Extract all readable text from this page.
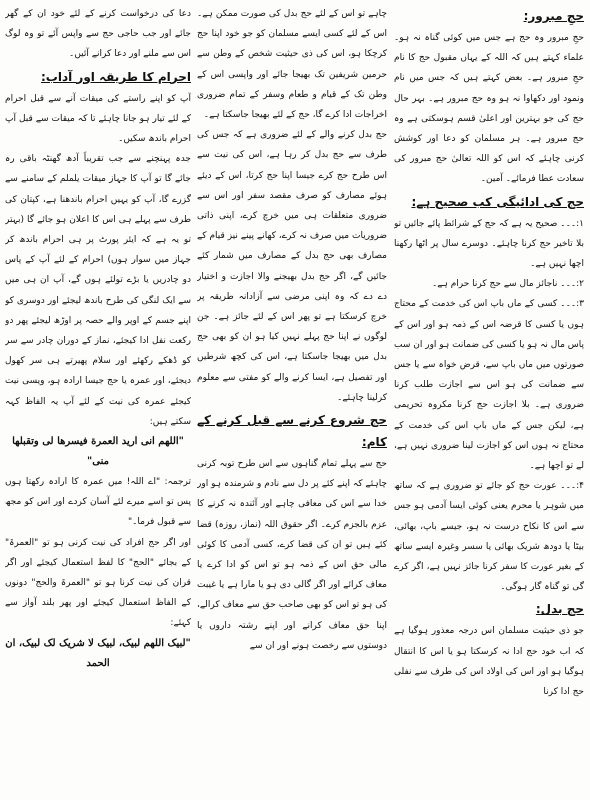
حجِ مبرور:
حجِ مبرور وہ حج ہے جس میں کوئی گناہ نہ ہو۔ علماء کہتے ہیں کہ اللہ کے یہاں مقبول حج کا نام حجِ مبرور ہے۔ بعض کہتے ہیں کہ جس میں نام ونمود اور دکھاوا نہ ہو وہ حج مبرور ہے۔ بہر حال حج کی جو بہترین اور اعلیٰ قسم ہوسکتی ہے وہ حج مبرور ہے۔ ہر مسلمان کو دعا اور کوشش کرنی چاہئے کہ اس کو اللہ تعالیٰ حج مبرور کی سعادت عطا فرمائے۔ آمین۔
حج کی ادائیگی کب صحیح ہے:
۱:۔۔۔ صحیح یہ ہے کہ حج کے شرائط پائے جائیں تو بلا تاخیر حج کرنا چاہئے۔ دوسرے سال پر اٹھا رکھنا اچھا نہیں ہے۔
۲:۔۔۔ ناجائز مال سے حج کرنا حرام ہے۔
۳:۔۔۔ کسی کے ماں باپ اس کی خدمت کے محتاج ہوں یا کسی کا قرضہ اس کے ذمہ ہو اور اس کے پاس مال نہ ہو یا کسی کی ضمانت ہو اور ان سب صورتوں میں ماں باپ سے، قرض خواہ سے یا جس سے ضمانت کی ہو اس سے اجازت طلب کرنا ضروری ہے۔ بلا اجازت حج کرنا مکروہ تحریمی ہے، لیکن جس کے ماں باپ اس کی خدمت کے محتاج نہ ہوں اس کو اجازت لینا ضروری نہیں ہے، لے تو اچھا ہے۔
۴:۔۔۔ عورت حج کو جائے تو ضروری ہے کہ ساتھ میں شوہر یا محرم یعنی کوئی ایسا آدمی ہو جس سے اس کا نکاح درست نہ ہو، جیسے باپ، بھائی، بیٹا یا دودھ شریک بھائی یا سسر وغیرہ ایسے ساتھ کے بغیر عورت کا سفر کرنا جائز نہیں ہے، اگر کرے گی تو گناہ گار ہوگی۔
حج بدل:
جو ذی حیثیت مسلمان اس درجہ معذور ہوگیا ہے کہ اب خود حج ادا نہ کرسکتا ہو یا اس کا انتقال ہوگیا ہو اور اس کی اولاد اس کی طرف سے نفلی حج ادا کرنا
چاہے تو اس کے لئے حج بدل کی صورت ممکن ہے۔ اس کے لئے کسی ایسے مسلمان کو جو خود اپنا حج کرچکا ہو، اس کی ذی حیثیت شخص کے وطن سے حرمین شریفین تک بھیجا جائے اور واپسی اس کے وطن تک کے قیام و طعام وسفر کے تمام ضروری اخراجات ادا کرے گا، حج کے لئے بھیجا جاسکتا ہے۔
حج بدل کرنے والے کے لئے ضروری ہے کہ جس کی طرف سے حج بدل کر رہا ہے، اس کی نیت سے اس طرح حج کرے جیسا اپنا حج کرتا، اس کے دیئے ہوئے مصارف کو صرف مقصد سفر اور اس سے ضروری متعلقات ہی میں خرچ کرے، اپنی ذاتی ضروریات میں صرف نہ کرے، کھانے پینے نیز قیام کے مصارف بھی حج بدل کے مصارف میں شمار کئے جائیں گے، اگر حج بدل بھیجنے والا اجازت و اختیار دے دے کہ وہ اپنی مرضی سے آزادانہ طریقہ پر خرچ کرسکتا ہے تو پھر اس کے لئے جائز ہے۔ جن لوگوں نے اپنا حج پہلے نہیں کیا ہو ان کو بھی حج بدل میں بھیجا جاسکتا ہے، اس کی کچھ شرطیں اور تفصیل ہے، ایسا کرنے والے کو مفتی سے معلوم کرلینا چاہئے۔
حج شروع کرنے سے قبل کرنے کے کام:
حج سے پہلے تمام گناہوں سے اس طرح توبہ کرنی چاہئے کہ اپنے کئے پر دل سے نادم و شرمندہ ہو اور خدا سے اس کی معافی چاہے اور آئندہ نہ کرنے کا عزم بالجزم کرے۔ اگر حقوق اللہ (نماز، روزہ) قضا کئے ہیں تو ان کی قضا کرے، کسی آدمی کا کوئی مالی حق اس کے ذمہ ہو تو اس کو ادا کرے یا معاف کرائے اور اگر گالی دی ہو یا مارا ہے یا غیبت کی ہو تو اس کو بھی صاحب حق سے معاف کرالے، اپنا حق معاف کرانے اور اپنے رشتہ داروں یا دوستوں سے رخصت ہونے اور ان سے
دعا کی درخواست کرنے کے لئے خود ان کے گھر جائے اور جب حاجی حج سے واپس آئے تو وہ لوگ اس سے ملنے اور دعا کرانے آئیں۔
احرام کا طریقہ اور آداب:
آپ کو اپنے راستے کی میقات آنے سے قبل احرام کے لئے تیار ہو جانا چاہئے تا کہ میقات سے قبل آپ احرام باندھ سکیں۔
جدہ پہنچنے سے جب تقریباً آدھ گھنٹہ باقی رہ جائے گا تو آپ کا جہاز میقات یلملم کے سامنے سے گزرے گا، آپ کو یہیں احرام باندھنا ہے، کپتان کی طرف سے پہلے ہی اس کا اعلان ہو جائے گا (بہتر تو یہ ہے کہ ایئر پورٹ پر ہی احرام باندھ کر جہاز میں سوار ہوں) احرام کے لئے آپ کے پاس دو چادریں یا بڑے تولئے ہوں گے، آپ ان ہی میں سے ایک لنگی کی طرح باندھ لیجئے اور دوسری کو اپنے جسم کے اوپر والے حصہ پر اوڑھ لیجئے پھر دو رکعت نفل ادا کیجئے، نماز کے دوران چادر سے سر کو ڈھکے رکھئے اور سلام پھیرتے ہی سر کھول دیجئے، اور عمرہ یا حج جیسا ارادہ ہو، ویسی نیت کیجئے عمرہ کی نیت کے لئے آپ یہ الفاظ کہہ سکتے ہیں:
"اللهم انی ارید العمرة فیسرها لی وتقبلها منی"
ترجمہ: "اے اللہ! میں عمرہ کا ارادہ رکھتا ہوں پس تو اسے میرے لئے آسان کردے اور اس کو مجھ سے قبول فرما۔"
اور اگر حج افراد کی نیت کرنی ہو تو "العمرۃ" کے بجائے "الحج" کا لفظ استعمال کیجئے اور اگر قران کی نیت کرنا ہو تو "العمرۃ والحج" دونوں کے الفاظ استعمال کیجئے اور پھر بلند آواز سے کہئے:
"لبیک اللھم لبیک، لبیک لا شریک لک لبیک، ان الحمد
